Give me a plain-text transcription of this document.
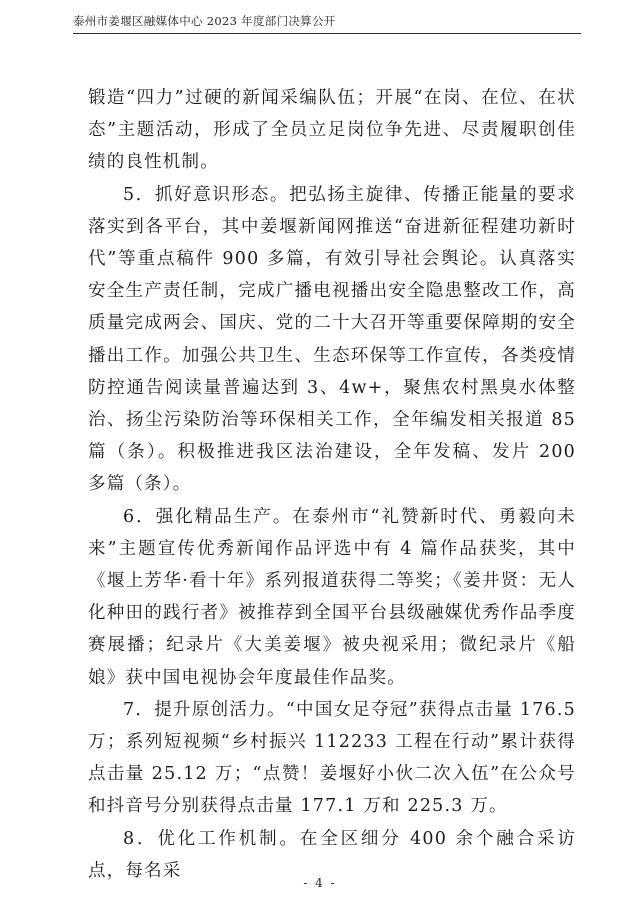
泰州市姜堰区融媒体中心 2023 年度部门决算公开

锻造“四力”过硬的新闻采编队伍；开展“在岗、在位、在状态”主题活动，形成了全员立足岗位争先进、尽责履职创佳绩的良性机制。

5．抓好意识形态。把弘扬主旋律、传播正能量的要求落实到各平台，其中姜堰新闻网推送“奋进新征程建功新时代”等重点稿件 900 多篇，有效引导社会舆论。认真落实安全生产责任制，完成广播电视播出安全隐患整改工作，高质量完成两会、国庆、党的二十大召开等重要保障期的安全播出工作。加强公共卫生、生态环保等工作宣传，各类疫情防控通告阅读量普遍达到 3、4w+，聚焦农村黑臭水体整治、扬尘污染防治等环保相关工作，全年编发相关报道 85 篇（条）。积极推进我区法治建设，全年发稿、发片 200 多篇（条）。

6．强化精品生产。在泰州市“礼赞新时代、勇毅向未来”主题宣传优秀新闻作品评选中有 4 篇作品获奖，其中《堰上芳华·看十年》系列报道获得二等奖；《姜井贤：无人化种田的践行者》被推荐到全国平台县级融媒优秀作品季度赛展播；纪录片《大美姜堰》被央视采用；微纪录片《船娘》获中国电视协会年度最佳作品奖。

7．提升原创活力。“中国女足夺冠”获得点击量 176.5 万；系列短视频“乡村振兴 112233 工程在行动”累计获得点击量 25.12 万；“点赞！姜堰好小伙二次入伍”在公众号和抖音号分别获得点击量 177.1 万和 225.3 万。

8．优化工作机制。在全区细分 400 余个融合采访点，每名采

- 4 -
